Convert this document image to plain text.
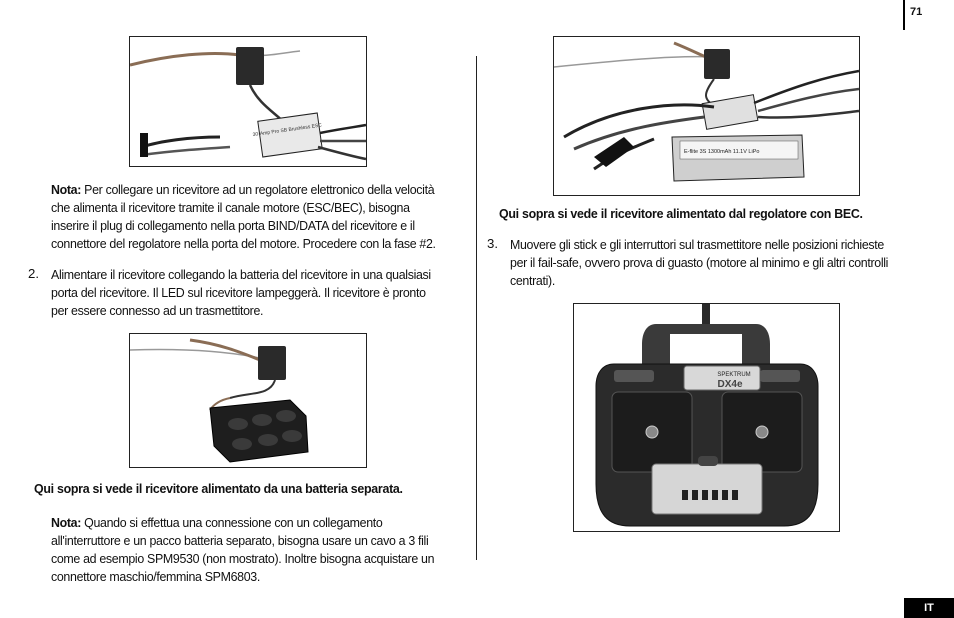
71
IT
30-Amp Pro SB Brushless ESC
Nota: Per collegare un ricevitore ad un regolatore elettronico della velocità
che alimenta il ricevitore tramite il canale motore (ESC/BEC), bisogna
inserire il plug di collegamento nella porta BIND/DATA del ricevitore e il
connettore del regolatore nella porta del motore. Procedere con la fase #2.
2. Alimentare il ricevitore collegando la batteria del ricevitore in una qualsiasi
porta del ricevitore. Il LED sul ricevitore lampeggerà. Il ricevitore è pronto
per essere connesso ad un trasmettitore.
Qui sopra si vede il ricevitore alimentato da una batteria separata.
Nota: Quando si effettua una connessione con un collegamento
all'interruttore e un pacco batteria separato, bisogna usare un cavo a 3 fili
come ad esempio SPM9530 (non mostrato). Inoltre bisogna acquistare un
connettore maschio/femmina SPM6803.
E-flite 3S 1300mAh 11.1V LiPo
Qui sopra si vede il ricevitore alimentato dal regolatore con BEC.
3. Muovere gli stick e gli interruttori sul trasmettitore nelle posizioni richieste
per il fail-safe, ovvero prova di guasto (motore al minimo e gli altri controlli
centrati).
SPEKTRUM
DX4e
